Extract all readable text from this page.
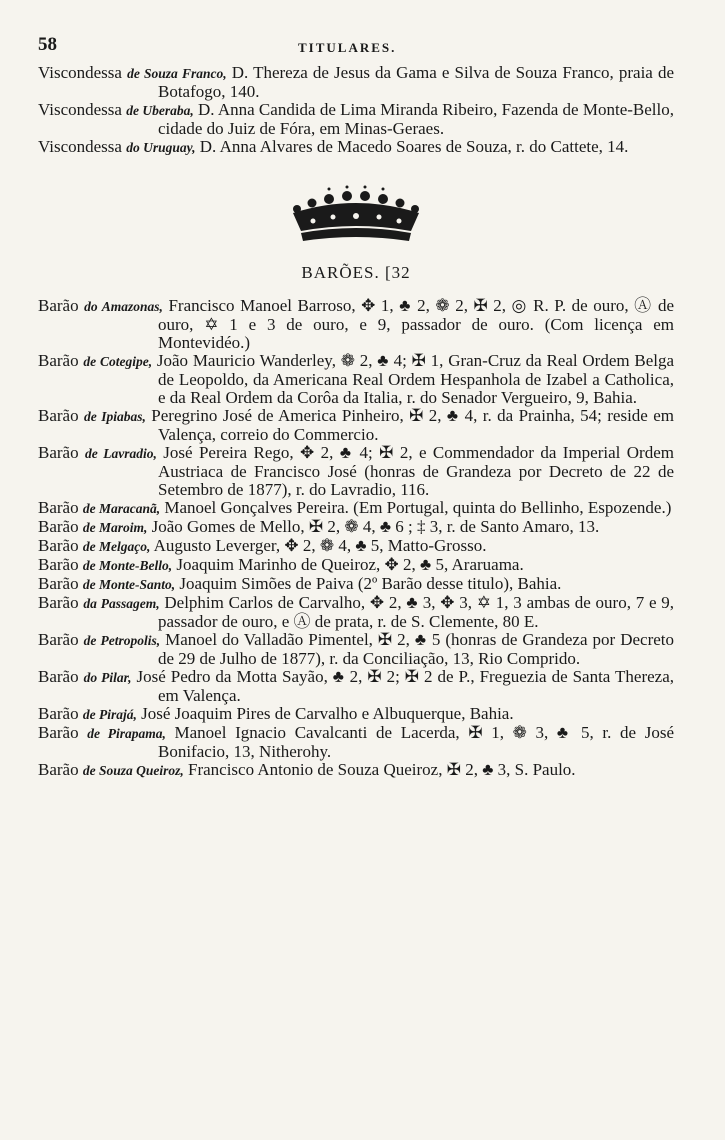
58	TITULARES.

Viscondessa de Souza Franco, D. Thereza de Jesus da Gama e Silva de Souza Franco, praia de Botafogo, 140.

Viscondessa de Uberaba, D. Anna Candida de Lima Miranda Ribeiro, Fazenda de Monte-Bello, cidade do Juiz de Fóra, em Minas-Geraes.

Viscondessa do Uruguay, D. Anna Alvares de Macedo Soares de Souza, r. do Cattete, 14.

BARÕES. [32

Barão do Amazonas, Francisco Manoel Barroso, ✥ 1, ♣ 2, ❁ 2, ✠ 2, ◎ R. P. de ouro, Ⓐ de ouro, ✡ 1 e 3 de ouro, e 9, passador de ouro. (Com licença em Montevidéo.)

Barão de Cotegipe, João Mauricio Wanderley, ❁ 2, ♣ 4; ✠ 1, Gran-Cruz da Real Ordem Belga de Leopoldo, da Americana Real Ordem Hespanhola de Izabel a Catholica, e da Real Ordem da Corôa da Italia, r. do Senador Vergueiro, 9, Bahia.

Barão de Ipiabas, Peregrino José de America Pinheiro, ✠ 2, ♣ 4, r. da Prainha, 54; reside em Valença, correio do Commercio.

Barão de Lavradio, José Pereira Rego, ✥ 2, ♣ 4; ✠ 2, e Commendador da Imperial Ordem Austriaca de Francisco José (honras de Grandeza por Decreto de 22 de Setembro de 1877), r. do Lavradio, 116.

Barão de Maracanã, Manoel Gonçalves Pereira. (Em Portugal, quinta do Bellinho, Espozende.)

Barão de Maroim, João Gomes de Mello, ✠ 2, ❁ 4, ♣ 6 ; ‡ 3, r. de Santo Amaro, 13.

Barão de Melgaço, Augusto Leverger, ✥ 2, ❁ 4, ♣ 5, Matto-Grosso.

Barão de Monte-Bello, Joaquim Marinho de Queiroz, ✥ 2, ♣ 5, Araruama.

Barão de Monte-Santo, Joaquim Simões de Paiva (2º Barão desse titulo), Bahia.

Barão da Passagem, Delphim Carlos de Carvalho, ✥ 2, ♣ 3, ✥ 3, ✡ 1, 3 ambas de ouro, 7 e 9, passador de ouro, e Ⓐ de prata, r. de S. Clemente, 80 E.

Barão de Petropolis, Manoel do Valladão Pimentel, ✠ 2, ♣ 5 (honras de Grandeza por Decreto de 29 de Julho de 1877), r. da Conciliação, 13, Rio Comprido.

Barão do Pilar, José Pedro da Motta Sayão, ♣ 2, ✠ 2; ✠ 2 de P., Freguezia de Santa Thereza, em Valença.

Barão de Pirajá, José Joaquim Pires de Carvalho e Albuquerque, Bahia.

Barão de Pirapama, Manoel Ignacio Cavalcanti de Lacerda, ✠ 1, ❁ 3, ♣ 5, r. de José Bonifacio, 13, Nitherohy.

Barão de Souza Queiroz, Francisco Antonio de Souza Queiroz, ✠ 2, ♣ 3, S. Paulo.
